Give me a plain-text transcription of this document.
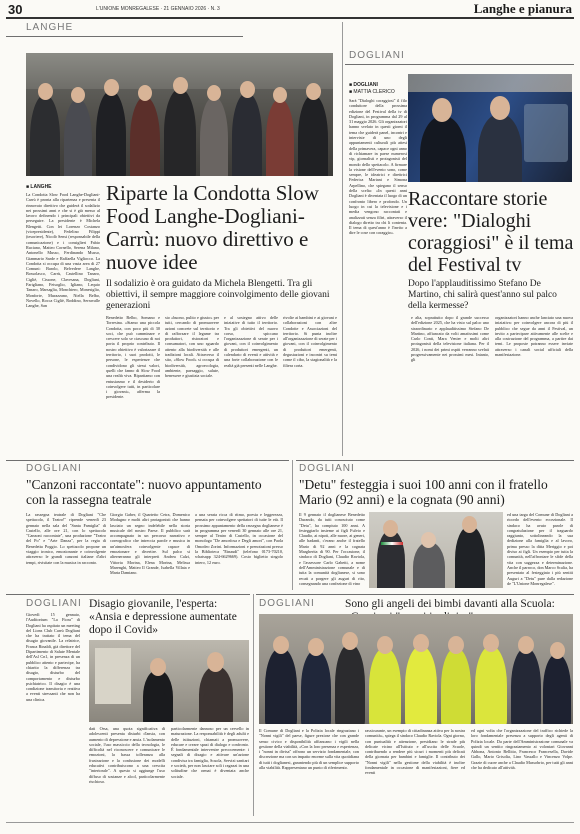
30	L'UNIONE MONREGALESE · 21 GENNAIO 2026 · N. 3	Langhe e pianura
LANGHE
■ LANGHE
La Condotta Slow Food Langhe-Dogliani-Carrù è pronta alla ripartenza e presenta il rinnovato direttivo che guiderà il sodalizio nei prossimi anni e che si è già messo al lavoro definendo i principali obiettivi da perseguire. La presidente è Michela Blengetti. Con lei Lorenzo Costanzo (vicepresidente), Fedelino Filippi (tesoriere), Nicolò Sensi (responsabile della comunicazione) e i consiglieri Fabio Ruciano, Matteo Cornello, Serena Milano, Antonello Musso, Ferdinando Musso, Gianmario Sarde e Raffaella Vigliocco. La Condotta si occupa di una vasta area di 27 Comuni: Barolo, Belvedere Langhe, Bossolasco, Carrù, Castellino Tanaro, Cigliè, Cissone, Clavesana, Dogliani, Farigliano, Feisoglio, Igliano, Lequio Tanaro, Marsaglia, Monchiero, Monesiglio, Monforte, Murazzano, Niella Belbo, Novello, Rocca Cigliè, Roddino, Serravalle Langhe, San
Riparte la Condotta Slow Food Langhe-Dogliani-Carrù: nuovo direttivo e nuove idee
Il sodalizio è ora guidato da Michela Blengetti. Tra gli obiettivi, il sempre maggiore coinvolgimento delle giovani generazioni
Benedetto Belbo, Somano e Torresina. «Siamo una piccola Condotta, con poco più di 30 soci, che può camminare e crescere solo se ciascuno di noi porta il proprio contributo. Il nostro obiettivo è valorizzare il territorio, i suoi prodotti, le persone, le esperienze che condividono gli stessi valori, quelli che fanno di Slow Food una realtà viva. Ripartiamo con entusiasmo e il desiderio di coinvolgere tutti, in particolare i giovani», afferma la presidente.
sto «buono, pulito e giusto» per tutti, cercando di promuovere azioni concrete sul territorio e di rafforzare il legame tra produttori, ristoratori e consumatori, con uno sguardo attento alla biodiversità e alle tradizioni locali. Attraverso il sito, «Slow Food» si occupa di biodiversità, agroecologia, ambiente, paesaggio, salute, benessere e giustizia sociale.
e al sostegno attivo delle iniziative di tutto il territorio. Tra gli obiettivi del nuovo corso, spiccano l'organizzazione di serate per i giovani, con il coinvolgimento di produttori emergenti, un calendario di eventi e attività e una forte collaborazione con le realtà già presenti nelle Langhe.
rivolte ai bambini e ai giovani e collaborazioni con altre Condotte e Associazioni del territorio. Si punta inoltre all'organizzazione di serate per i giovani, con il coinvolgimento di produttori emergenti, degustazioni e incontri su temi come il cibo, la stagionalità e la filiera corta.
DOGLIANI
■ DOGLIANI
■ MATTIA CLERICO
Sarà "Dialoghi coraggiosi" il filo conduttore della prossima edizione del Festival della tv di Dogliani, in programma dal 29 al 31 maggio 2026. Gli organizzatori hanno svelato in questi giorni il tema che guiderà panel, incontri e interviste di uno degli appuntamenti culturali più attesi della primavera, capace ogni anno di richiamare in paese numerosi vip, giornalisti e protagonisti del mondo dello spettacolo. A firmare la visione dell'evento sono, come sempre, le ideatrici e direttrici Federica Mariani e Simona Arpellino, che spiegano il senso della scelta: «In questi anni Dogliani è diventata il luogo di un confronto libero e profondo. Un luogo in cui la televisione e i media vengono raccontati e analizzati senza filtri, attraverso il dialogo diretto tra chi li contenta. Il tema di quest'anno è l'invito a dire le cose con coraggio».
Raccontare storie vere: "Dialoghi coraggiosi" è il tema del Festival tv
Dopo l'applauditissimo Stefano De Martino, chi salirà quest'anno sul palco della kermesse?
e alta, soprattutto dopo il grande successo dell'edizione 2025, che ha visto sul palco uno straordinario e applauditissimo Stefano De Martino, affiancato da volti amatissimi come Carlo Conti, Mara Venier e molti altri protagonisti della televisione italiana. Per il 2026, i nomi dei primi ospiti verranno svelati progressivamente nei prossimi mesi. Intanto, gli
organizzatori hanno anche lanciato una nuova iniziativa: per coinvolgere ancora di più il pubblico che segue da anni il Festival, un invito a partecipare attivamente alle scelte e alla costruzione del programma, a partire dai temi. Le proposte potranno essere inviate attraverso i canali social ufficiali della manifestazione.
DOGLIANI
"Canzoni raccontate": nuovo appuntamento con la rassegna teatrale
La rassegna teatrale di Dogliani "Che spettacolo, il Teatro!" riprende venerdì 23 gennaio nella sala del "Santa Famiglia" di Castello, alle ore 21, con lo spettacolo "Canzoni raccontate", una produzione "Teatro del Po" e "Arte Danza", per la regia di Benedetta Poggio. Lo spettacolo propone un viaggio ironico, emozionante e coinvolgente attraverso le grandi canzoni italiane d'altri tempi, rivisitate con la musica in racconto.
Giorgio Gaber, il Quartetto Cetra, Domenico Modugno e molti altri protagonisti che hanno lasciato un segno indelebile nella storia musicale del nostro Paese. Il pubblico sarà accompagnato in un percorso narrativo e coreografico che intreccia parole e musica in un'atmosfera coinvolgente capace di emozionare e divertire. Sul palco si alterneranno gli interpreti Andrea Calzi, Vittoria Morina, Elena Morina, Melissa Marenghi, Matteo Il Grande, Isabella Villata e Marta Damiano.
a una serata ricca di ritmo, poesia e leggerezza, pensata per coinvolgere spettatori di tutte le età. Il prossimo appuntamento della rassegna doglianese è in programma per venerdì 30 gennaio alle ore 21, sempre al Teatro di Castello, in occasione del monologo "De amorfosa e Degli amori", con Paola Omodeo Zorini. Informazioni e prenotazioni presso la Biblioteca "Einaudi" (telefono 0173-70210, whatsapp 324-6629669). Costo biglietto singolo intero, 12 euro.
DOGLIANI
"Detu" festeggia i suoi 100 anni con il fratello Mario (92 anni) e la cognata (90 anni)
Il 9 gennaio il doglianese Benedetto Durando, da tutti conosciuto come "Detu", ha compiuto 100 anni. A festeggiarlo insieme ai figli Fulvio e Claudio, ai nipoti, alle nuore, ai generi, alle badanti, c'erano anche il fratello Mario di 92 anni e la cognata Margherita di 90. Per l'occasione, il sindaco di Dogliani, Claudio Raviola, e l'assessore Carlo Gabetti, a nome dell'Amministrazione comunale e di tutta la comunità doglianese, si sono recati a porgere gli auguri di rito, consegnando una confezione di vino
ed una targa del Comune di Dogliani a ricordo dell'evento eccezionale. Il sindaco ha avuto parole di congratulazione per il traguardo raggiunto, sottolineando la sua dedizione alla famiglia e al lavoro, prima presso la ditta Meriggio e poi diviso ai figli. Un esempio per tutta la comunità, nell'affrontare le sfide della vita con saggezza e determinazione. Anche il parroco, don Marco Scalia, ha presentato al festeggiato i più sentiti Auguri a "Detu" pure dalla redazione de "L'Unione Monregalese".
DOGLIANI
Giovedì 15 gennaio, l'Auditorium "La Fiora" di Dogliani ha ospitato un meeting del Lions Club Carrù Dogliani che ha trattato il tema del disagio giovanile. La relatrice, Franca Rinaldi, già direttore del Dipartimento di Salute Mentale dell'Asl Cn1, in presenza di un pubblico attento e partecipe, ha chiarito la differenza tra disagio, disturbo del comportamento e disturbo psichiatrico. Il disagio è una condizione transitoria e reattiva a eventi stressanti che non ha una clinica.
Disagio giovanile, l'esperta: «Ansia e depressione aumentate dopo il Covid»
dati Orsa, una quota significativa di adolescenti presenta disturbi d'ansia, con aumento di depressione e ansia. L'isolamento sociale, l'uso massiccio della tecnologia, le difficoltà nel riconoscere e comunicare le emozioni, la bassa tolleranza alla frustrazione e la confusione dei modelli educativi contribuiscono a una crescita "interiorale". A questo si aggiunge l'uso diffuso di sostanze e alcol, particolarmente rischioso.
particolarmente dannoso per un cervello in maturazione. La responsabilità è degli adulti e delle istituzioni, chiamati a promuovere, educare e creare spazi di dialogo e confronto. È fondamentale intervenire precocemente: i segnali di disagio e attivare un'azione condivisa tra famiglia, Scuola, Servizi sanitari e società, per non lasciare soli i ragazzi in una solitudine che ormai è diventata anche sociale.
DOGLIANI	Sono gli angeli dei bimbi davanti alla Scuola:
Il Comune di Dogliani e la Polizia locale ringraziano i "Nonni vigili" del paese, figure preziose che con grande senso civico e disponibilità affiancano i vigili nella gestione della viabilità, «Con la loro presenza e esperienza, i "nonni in divisa" offrono un servizio fondamentale, con discrezione ma con un impatto enorme sulla vita quotidiana di tutti i doglianesi, garantendo più di un semplice supporto alla viabilità. Rappresentano un punto di riferimento.
rassicurante, un esempio di cittadinanza attiva per la nostra comunità», spiega il sindaco Claudio Raviola. Ogni giorno, con puntualità e attenzione, presidiano le strade più delicate vicino all'Istituto e all'uscita delle Scuole, contribuendo a rendere più sicuri i momenti più delicati della giornata per bambini e famiglie. Il contributo dei "Nonni vigili" nella gestione della viabilità è inoltre fondamentale in occasione di manifestazioni, fiere ed eventi
ed ogni volta che l'organizzazione del traffico richiede la loro fondamentale presenza a supporto degli agenti di Polizia locale. Da parte dell'Amministrazione comunale va quindi un sentito ringraziamento ai volontari Giovanni Abbona, Antonio Bellitto, Francesco Francesella, Davide Gallo, Mario Grisolia, Lino Vassallo e Vincenzo Volpe. Grazie di cuore anche a Claudio Massobrio, per tutti gli anni che ha dedicato all'attività.
